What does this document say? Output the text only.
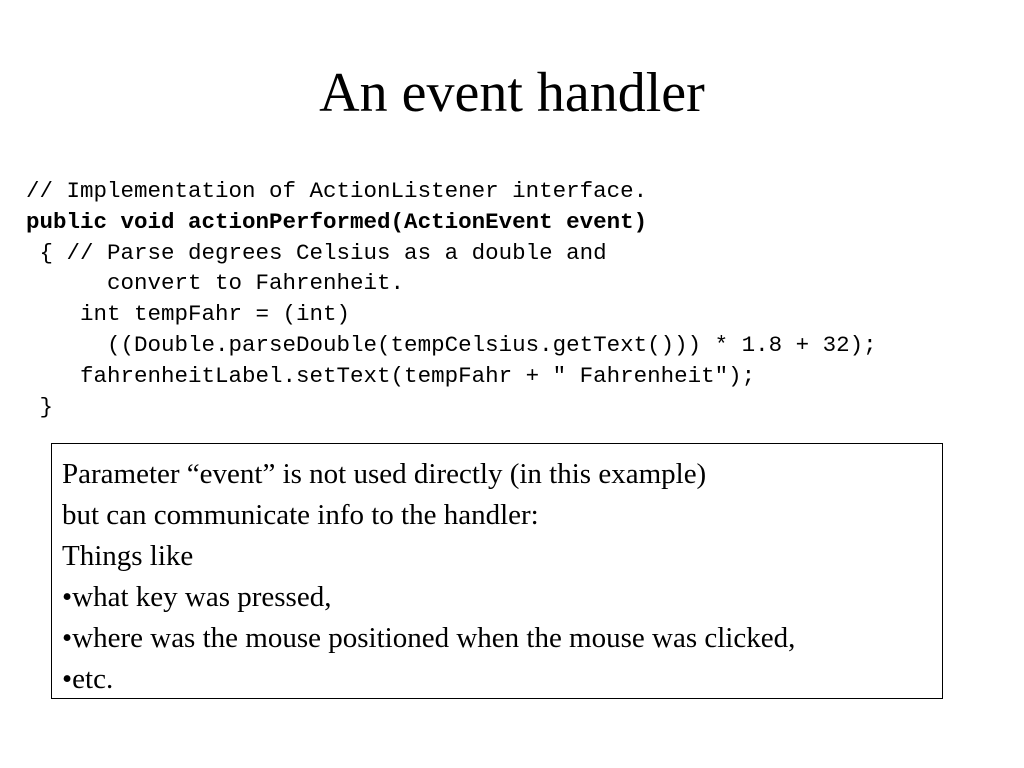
An event handler
// Implementation of ActionListener interface.
public void actionPerformed(ActionEvent event)
{ // Parse degrees Celsius as a double and
convert to Fahrenheit.
int tempFahr = (int)
((Double.parseDouble(tempCelsius.getText())) * 1.8 + 32);
fahrenheitLabel.setText(tempFahr + " Fahrenheit");
}
Parameter “event” is not used directly (in this example)
but can communicate info to the handler:
Things like
•what key was pressed,
•where was the mouse positioned when the mouse was clicked,
•etc.
